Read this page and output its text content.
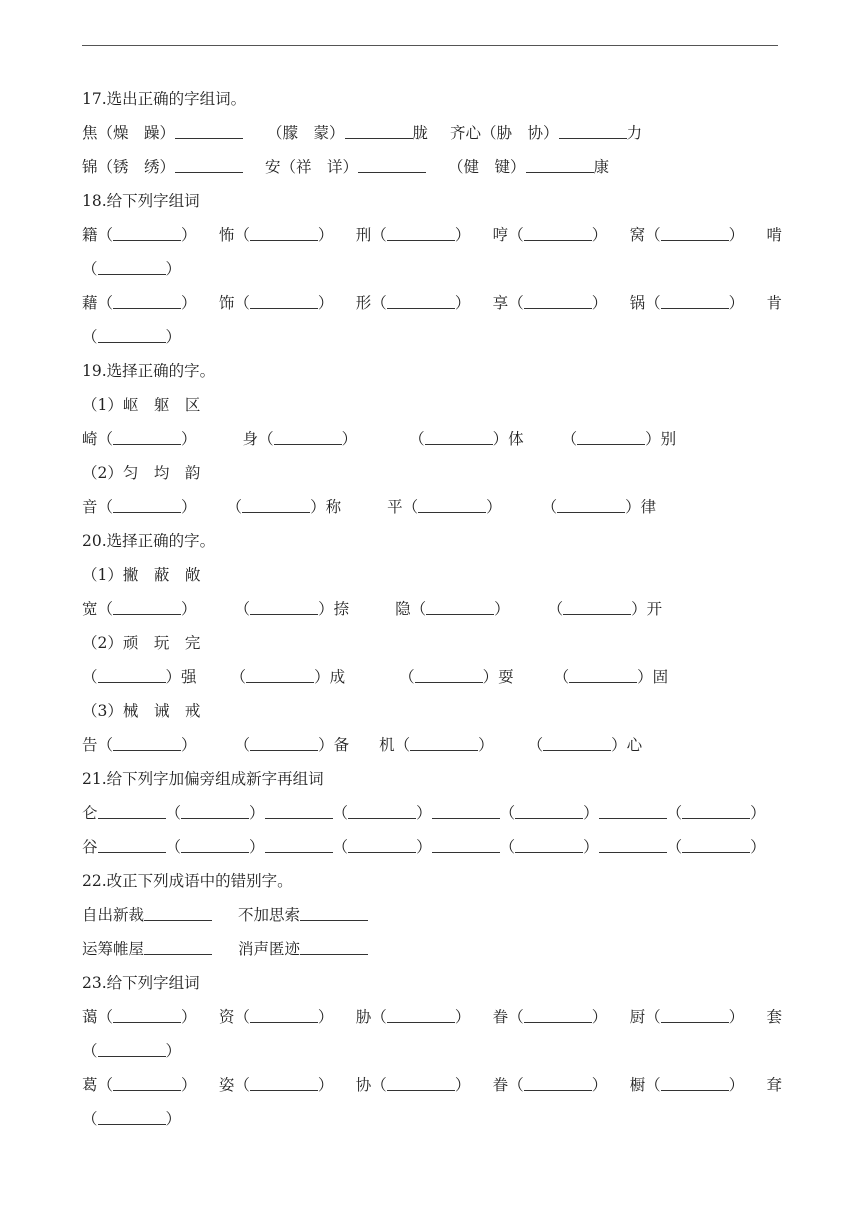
17.选出正确的字组词。
焦（燥　躁）	（朦　蒙）	胧 齐心（胁　协）	力
锦（锈　绣）	安（祥　详）	（健　键）	康
18.给下列字组词
籍 （	） 怖 （	） 刑 （	） 哼 （	） 窝 （	） 啃
（	）
藉 （	） 饰 （	） 形 （	） 享 （	） 锅 （	） 肯
（	）
19.选择正确的字。
（1）岖　躯　区
崎 （	）	身 （	）	（	） 体 （	） 别
（2）匀　均　韵
音 （	） （	） 称	平 （	）	（	） 律
20.选择正确的字。
（1）撇　蔽　敞
宽 （	） （	） 捺	隐 （	） （	） 开
（2）顽　玩　完
（	） 强 （	） 成	（	） 耍	（	） 固
（3）械　诫　戒
告 （	） （	） 备 机 （	） （	） 心
21.给下列字加偏旁组成新字再组词
仑	（	）	（	）	（	）	（	）
谷	（	）	（	）	（	）	（	）
22.改正下列成语中的错别字。
自出新裁	不加思索
运筹帷屋	消声匿迹
23.给下列字组词
蔼 （	） 资 （	） 胁 （	） 眷 （	） 厨 （	） 套
（	）
葛 （	） 姿 （	） 协 （	） 眷 （	） 橱 （	） 耷
（	）
